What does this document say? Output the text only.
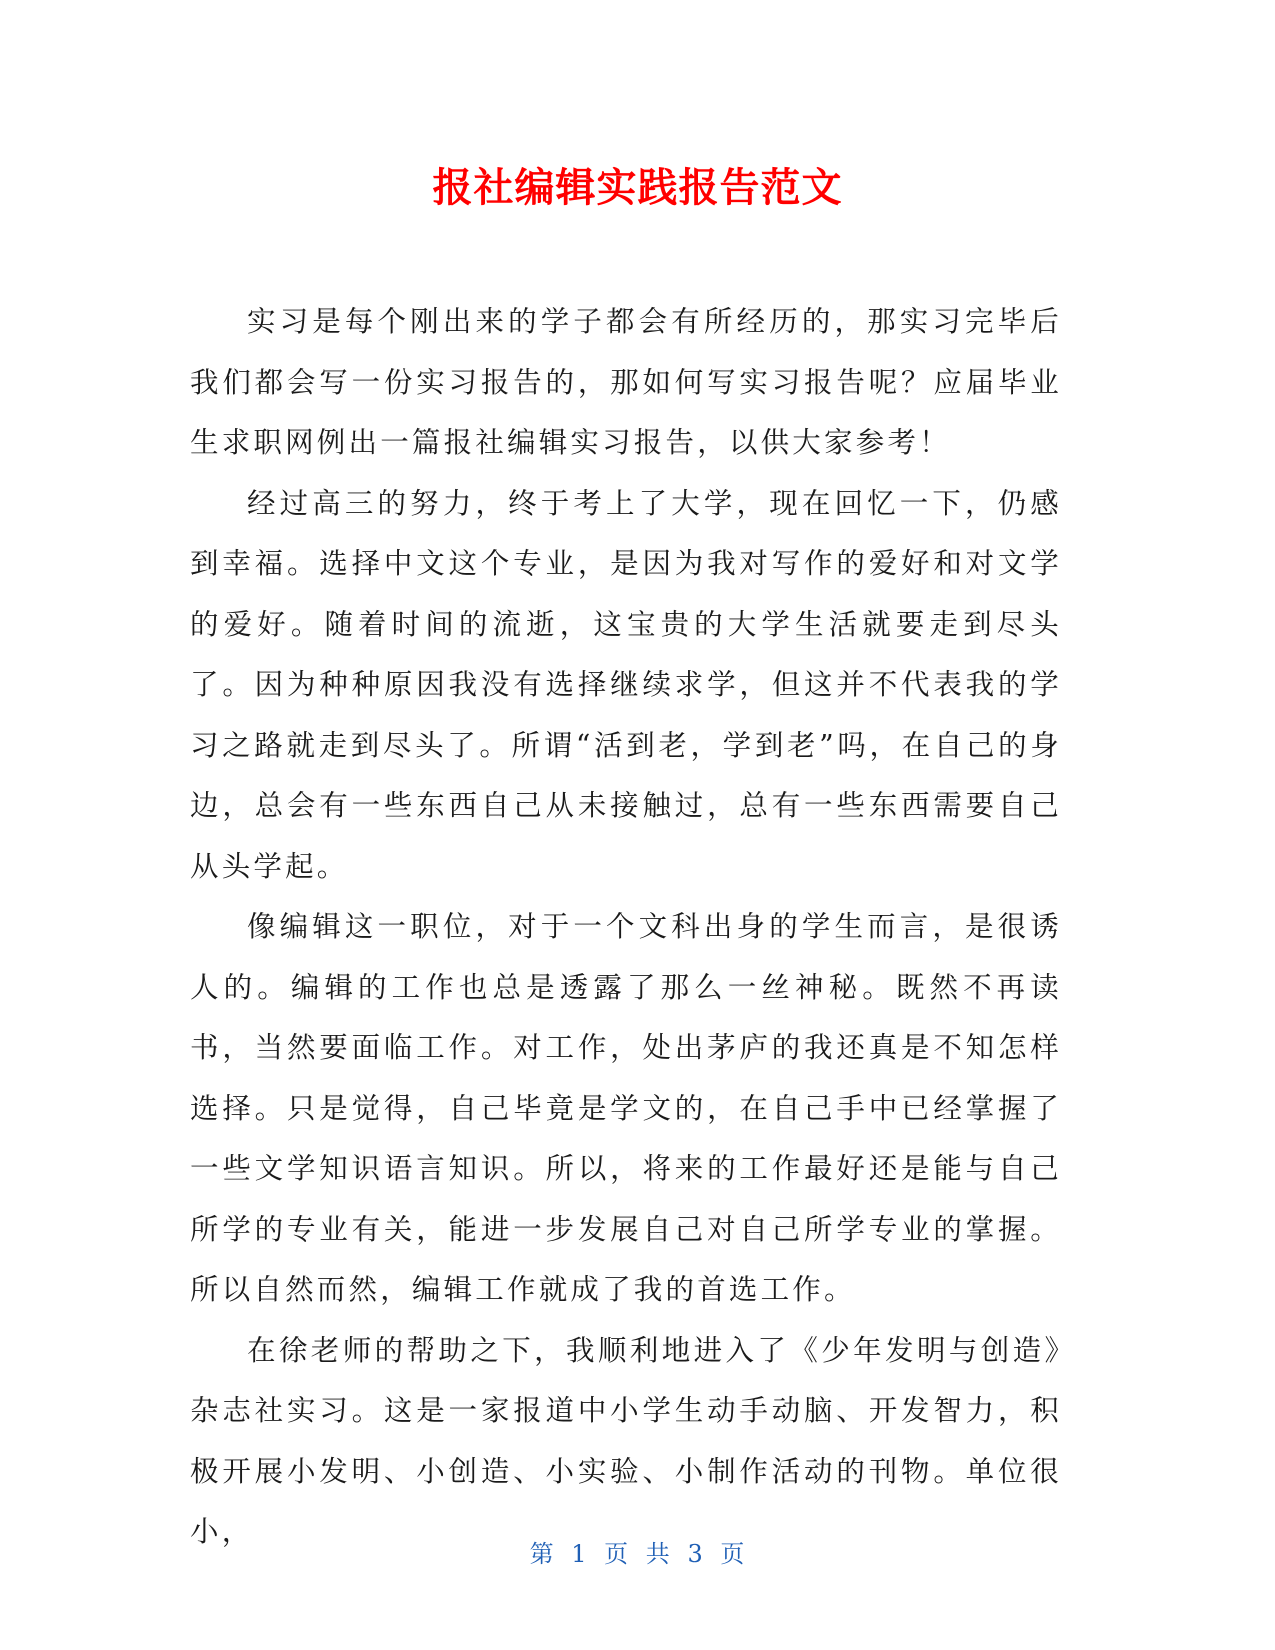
报社编辑实践报告范文

实习是每个刚出来的学子都会有所经历的，那实习完毕后我们都会写一份实习报告的，那如何写实习报告呢？应届毕业生求职网例出一篇报社编辑实习报告，以供大家参考！

经过高三的努力，终于考上了大学，现在回忆一下，仍感到幸福。选择中文这个专业，是因为我对写作的爱好和对文学的爱好。随着时间的流逝，这宝贵的大学生活就要走到尽头了。因为种种原因我没有选择继续求学，但这并不代表我的学习之路就走到尽头了。所谓“活到老，学到老”吗，在自己的身边，总会有一些东西自己从未接触过，总有一些东西需要自己从头学起。

像编辑这一职位，对于一个文科出身的学生而言，是很诱人的。编辑的工作也总是透露了那么一丝神秘。既然不再读书，当然要面临工作。对工作，处出茅庐的我还真是不知怎样选择。只是觉得，自己毕竟是学文的，在自己手中已经掌握了一些文学知识语言知识。所以，将来的工作最好还是能与自己所学的专业有关，能进一步发展自己对自己所学专业的掌握。所以自然而然，编辑工作就成了我的首选工作。

在徐老师的帮助之下，我顺利地进入了《少年发明与创造》杂志社实习。这是一家报道中小学生动手动脑、开发智力，积极开展小发明、小创造、小实验、小制作活动的刊物。单位很小，

第 1 页 共 3 页
